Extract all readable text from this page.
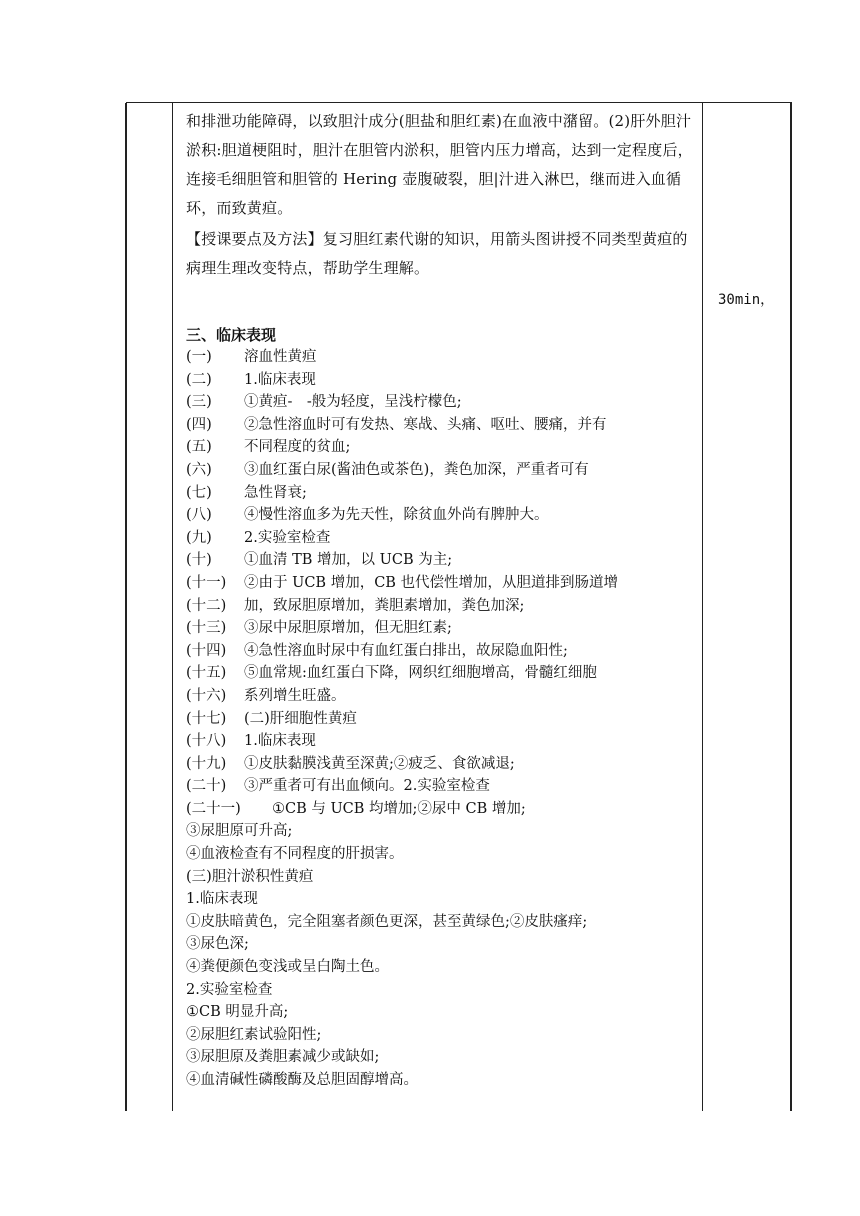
和排泄功能障碍，以致胆汁成分(胆盐和胆红素)在血液中潴留。(2)肝外胆汁淤积:胆道梗阻时，胆汁在胆管内淤积，胆管内压力增高，达到一定程度后，连接毛细胆管和胆管的 Hering 壶腹破裂，胆|汁进入淋巴，继而进入血循环，而致黄疸。

【授课要点及方法】复习胆红素代谢的知识，用箭头图讲授不同类型黄疸的病理生理改变特点，帮助学生理解。

三、临床表现
(一) 溶血性黄疸
(二) 1.临床表现
(三) ①黄疸-　-般为轻度，呈浅柠檬色;
(四) ②急性溶血时可有发热、寒战、头痛、呕吐、腰痛，并有
(五) 不同程度的贫血;
(六) ③血红蛋白尿(酱油色或茶色)，粪色加深，严重者可有
(七) 急性肾衰;
(八) ④慢性溶血多为先天性，除贫血外尚有脾肿大。
(九) 2.实验室检查
(十) ①血清 TB 增加，以 UCB 为主;
(十一) ②由于 UCB 增加，CB 也代偿性增加，从胆道排到肠道增
(十二) 加，致尿胆原增加，粪胆素增加，粪色加深;
(十三) ③尿中尿胆原增加，但无胆红素;
(十四) ④急性溶血时尿中有血红蛋白排出，故尿隐血阳性;
(十五) ⑤血常规:血红蛋白下降，网织红细胞增高，骨髓红细胞
(十六) 系列增生旺盛。
(十七) (二)肝细胞性黄疸
(十八) 1.临床表现
(十九) ①皮肤黏膜浅黄至深黄;②疲乏、食欲减退;
(二十) ③严重者可有出血倾向。2.实验室检查
(二十一) ①CB 与 UCB 均增加;②尿中 CB 增加;
③尿胆原可升高;
④血液检查有不同程度的肝损害。
(三)胆汁淤积性黄疸
1.临床表现
①皮肤暗黄色，完全阻塞者颜色更深，甚至黄绿色;②皮肤瘙痒;
③尿色深;
④粪便颜色变浅或呈白陶土色。
2.实验室检查
①CB 明显升高;
②尿胆红素试验阳性;
③尿胆原及粪胆素减少或缺如;
④血清碱性磷酸酶及总胆固醇增高。
30min，
